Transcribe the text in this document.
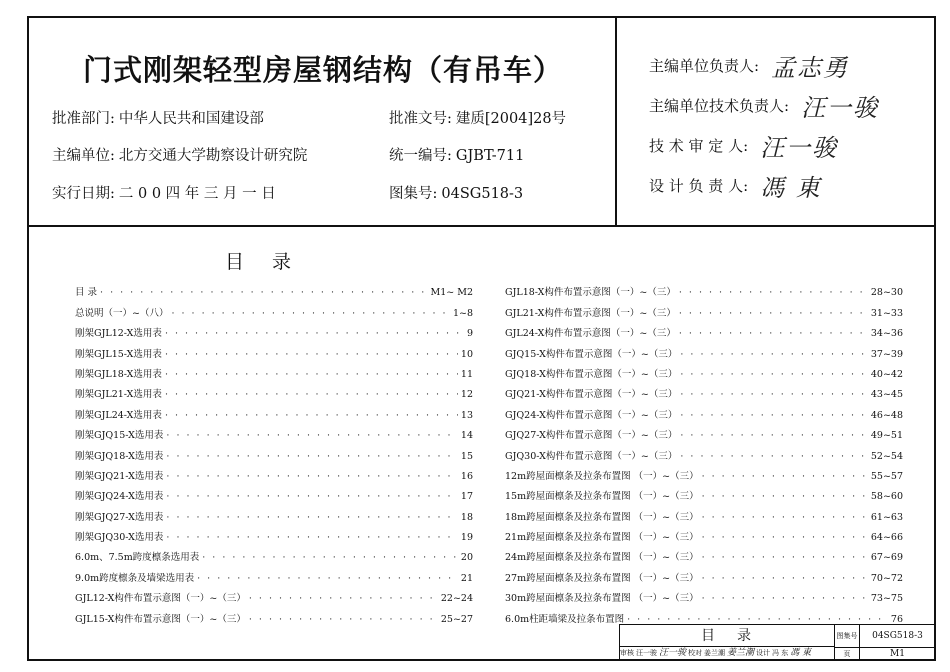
门式刚架轻型房屋钢结构（有吊车）
批准部门: 中华人民共和国建设部
主编单位: 北方交通大学勘察设计研究院
实行日期: 二 0 0 四 年 三 月 一 日
批准文号: 建质[2004]28号
统一编号: GJBT-711
图集号: 04SG518-3
主编单位负责人: 孟志勇
主编单位技术负责人: 汪一骏
技 术 审 定 人: 汪一骏
设 计 负 责 人: 馮 東
目录
目 录 · · ·	M1~ M2
总说明（一）~（八） · · ·	1~8
刚架GJL12-X选用表 · · ·	9
刚架GJL15-X选用表 · · ·	10
刚架GJL18-X选用表 · · ·	11
刚架GJL21-X选用表 · · ·	12
刚架GJL24-X选用表 · · ·	13
刚架GJQ15-X选用表 · · ·	14
刚架GJQ18-X选用表 · · ·	15
刚架GJQ21-X选用表 · · ·	16
刚架GJQ24-X选用表 · · ·	17
刚架GJQ27-X选用表 · · ·	18
刚架GJQ30-X选用表 · · ·	19
6.0m、7.5m跨度檩条选用表 · · ·	20
9.0m跨度檩条及墙梁选用表 · · ·	21
GJL12-X构件布置示意图（一）~（三） · · ·	22~24
GJL15-X构件布置示意图（一）~（三） · · ·	25~27
GJL18-X构件布置示意图（一）~（三） · · ·	28~30
GJL21-X构件布置示意图（一）~（三） · · ·	31~33
GJL24-X构件布置示意图（一）~（三） · · ·	34~36
GJQ15-X构件布置示意图（一）~（三） · · ·	37~39
GJQ18-X构件布置示意图（一）~（三） · · ·	40~42
GJQ21-X构件布置示意图（一）~（三） · · ·	43~45
GJQ24-X构件布置示意图（一）~（三） · · ·	46~48
GJQ27-X构件布置示意图（一）~（三） · · ·	49~51
GJQ30-X构件布置示意图（一）~（三） · · ·	52~54
12m跨屋面檩条及拉条布置图 （一）~（三） · · ·	55~57
15m跨屋面檩条及拉条布置图 （一）~（三） · · ·	58~60
18m跨屋面檩条及拉条布置图 （一）~（三） · · ·	61~63
21m跨屋面檩条及拉条布置图 （一）~（三） · · ·	64~66
24m跨屋面檩条及拉条布置图 （一）~（三） · · ·	67~69
27m跨屋面檩条及拉条布置图 （一）~（三） · · ·	70~72
30m跨屋面檩条及拉条布置图 （一）~（三） · · ·	73~75
6.0m柱距墙梁及拉条布置图 · · ·	76
目录	图集号	04SG518-3
审核 汪一骏 汪一骏 校对 姜兰潮 姜兰潮 设计 冯 东 馮 東	页	M1
